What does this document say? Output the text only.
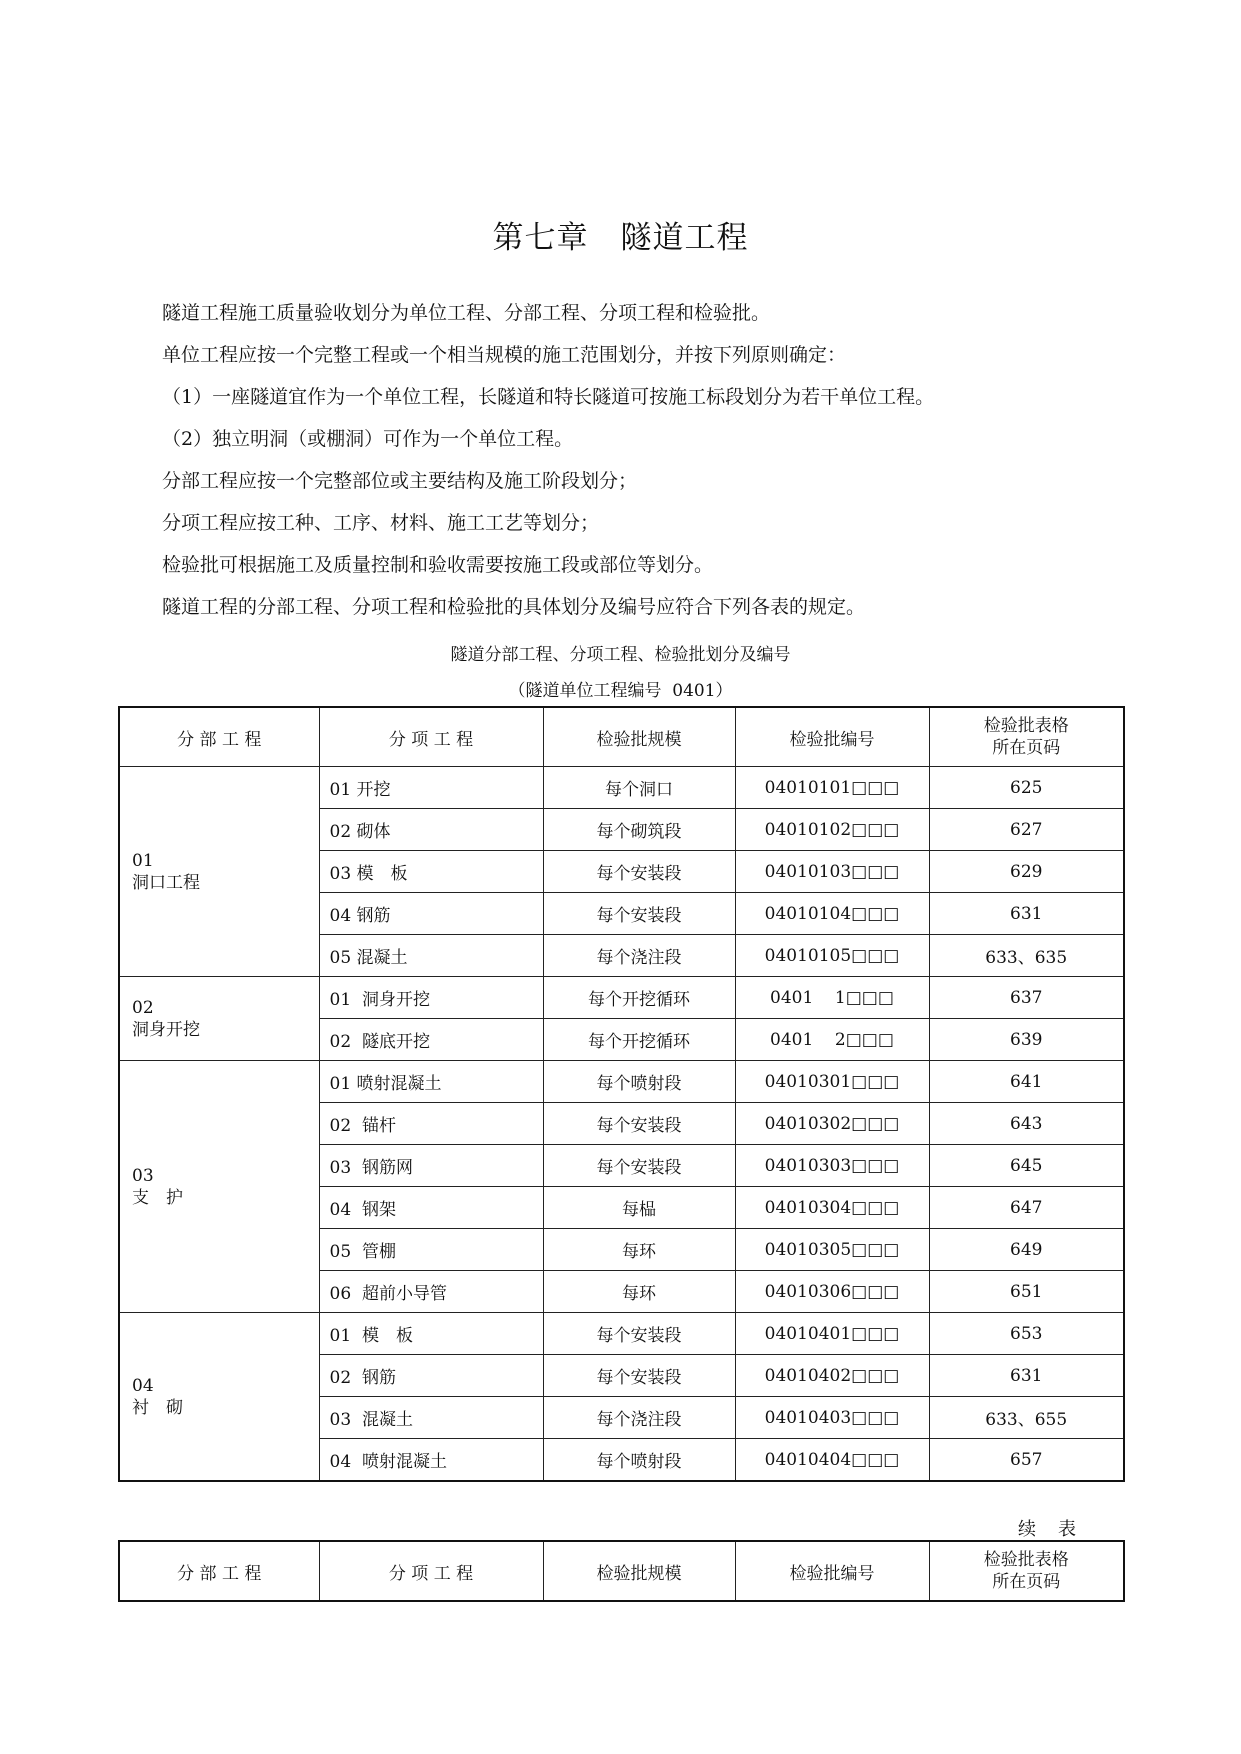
第七章　隧道工程
隧道工程施工质量验收划分为单位工程、分部工程、分项工程和检验批。
单位工程应按一个完整工程或一个相当规模的施工范围划分，并按下列原则确定：
（1）一座隧道宜作为一个单位工程，长隧道和特长隧道可按施工标段划分为若干单位工程。
（2）独立明洞（或棚洞）可作为一个单位工程。
分部工程应按一个完整部位或主要结构及施工阶段划分；
分项工程应按工种、工序、材料、施工工艺等划分；
检验批可根据施工及质量控制和验收需要按施工段或部位等划分。
隧道工程的分部工程、分项工程和检验批的具体划分及编号应符合下列各表的规定。
隧道分部工程、分项工程、检验批划分及编号
（隧道单位工程编号  0401）
分 部 工 程	分 项 工 程	检验批规模	检验批编号	检验批表格
所在页码

01
洞口工程	01 开挖	每个洞口	04010101□□□	625
	02 砌体	每个砌筑段	04010102□□□	627
	03 模　板	每个安装段	04010103□□□	629
	04 钢筋	每个安装段	04010104□□□	631
	05 混凝土	每个浇注段	04010105□□□	633、635

02
洞身开挖	01  洞身开挖	每个开挖循环	0401    1□□□	637
	02  隧底开挖	每个开挖循环	0401    2□□□	639

03
支　护	01 喷射混凝土	每个喷射段	04010301□□□	641
	02  锚杆	每个安装段	04010302□□□	643
	03  钢筋网	每个安装段	04010303□□□	645
	04  钢架	每榀	04010304□□□	647
	05  管棚	每环	04010305□□□	649
	06  超前小导管	每环	04010306□□□	651

04
衬　砌	01  模　板	每个安装段	04010401□□□	653
	02  钢筋	每个安装段	04010402□□□	631
	03  混凝土	每个浇注段	04010403□□□	633、655
	04  喷射混凝土	每个喷射段	04010404□□□	657
续　表
分 部 工 程	分 项 工 程	检验批规模	检验批编号	
检验批表格
所在页码
